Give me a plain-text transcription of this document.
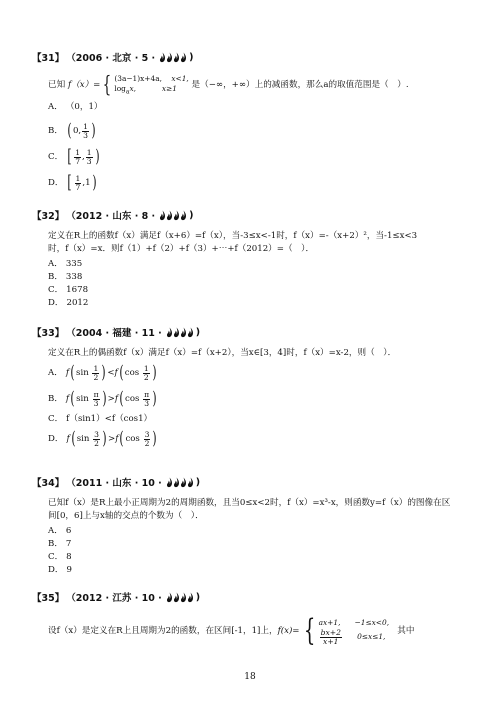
【31】 （2006 · 北京 · 5 ·	)
已知
f（x）= { (3a−1)x+4a, x<1,
$\log_ax$,	x≥1
	是（−∞，+∞）上的减函数，那么a的取值范围是（　）.
A． （0，1）
B． ( 0 , $\frac{1}{3}$ )
C． [ $\frac{1}{7}$ , $\frac{1}{3}$ )
D． [ $\frac{1}{7}$ , 1 )
【32】 （2012 · 山东 · 8 ·	)
定义在R上的函数f（x）满足f（x+6）=f（x），当-3≤x<-1时，f（x）=-（x+2）²，当-1≤x<3
时，f（x）=x．则f（1）+f（2）+f（3）+⋯+f（2012）=（　）．
A． 335
B． 338
C． 1678
D． 2012
【33】 （2004 · 福建 · 11 ·	)
定义在R上的偶函数f（x）满足f（x）=f（x+2），当x∈[3，4]时，f（x）=x-2，则（　）．
A． f ( sin
$\frac{1}{2}$ ) < f ( cos
$\frac{1}{2}$ )
B． f ( sin
$\frac{\pi}{3}$ ) > f ( cos
$\frac{\pi}{3}$ )
C． f（sin1）<f（cos1）
D． f ( sin
$\frac{3}{2}$ ) > f ( cos
$\frac{3}{2}$ )
【34】 （2011 · 山东 · 10 ·	)
已知f（x）是R上最小正周期为2的周期函数，且当0≤x<2时，f（x）=x³-x，则函数y=f（x）的图像在区
间[0，6]上与x轴的交点的个数为（　）．
A． 6
B． 7
C． 8
D． 9
【35】 （2012 · 江苏 · 10 ·	)
设f（x）是定义在R上且周期为2的函数，在区间[-1，1]上， f(x)= { ax+1, −1≤x<0,
$\frac{bx+2}{x+1}$
0≤x≤1,

其中
18
